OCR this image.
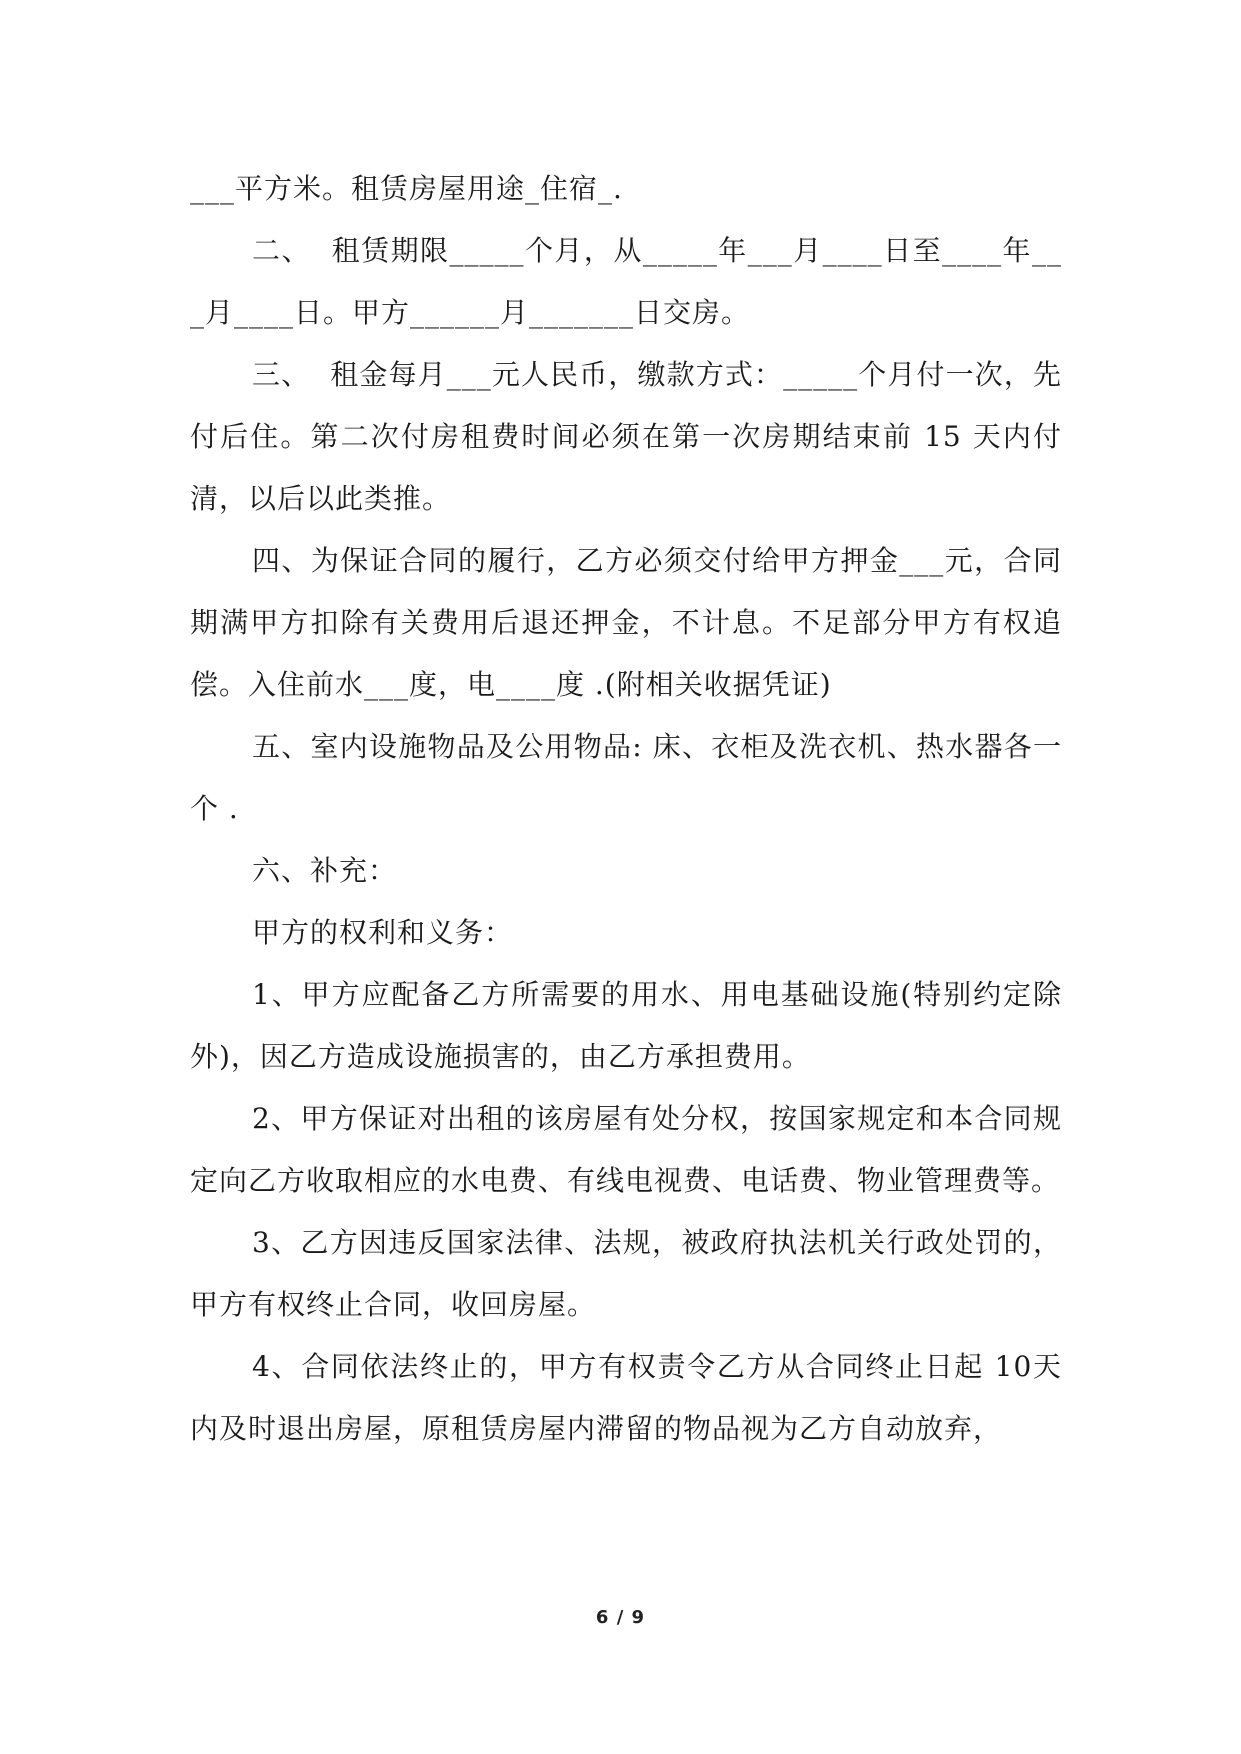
___平方米。租赁房屋用途_住宿_.

二、  租赁期限_____个月，从_____年___月____日至____年___月____日。甲方______月_______日交房。

三、  租金每月___元人民币，缴款方式：_____个月付一次，先付后住。第二次付房租费时间必须在第一次房期结束前 15 天内付清，以后以此类推。

四、为保证合同的履行，乙方必须交付给甲方押金___元，合同期满甲方扣除有关费用后退还押金，不计息。不足部分甲方有权追偿。入住前水___度，电____度 .(附相关收据凭证)

五、室内设施物品及公用物品: 床、衣柜及洗衣机、热水器各一个 .

六、补充：

甲方的权利和义务：

1、甲方应配备乙方所需要的用水、用电基础设施(特别约定除外)，因乙方造成设施损害的，由乙方承担费用。

2、甲方保证对出租的该房屋有处分权，按国家规定和本合同规定向乙方收取相应的水电费、有线电视费、电话费、物业管理费等。

3、乙方因违反国家法律、法规，被政府执法机关行政处罚的，甲方有权终止合同，收回房屋。

4、合同依法终止的，甲方有权责令乙方从合同终止日起 10天内及时退出房屋，原租赁房屋内滞留的物品视为乙方自动放弃，

6 / 9
